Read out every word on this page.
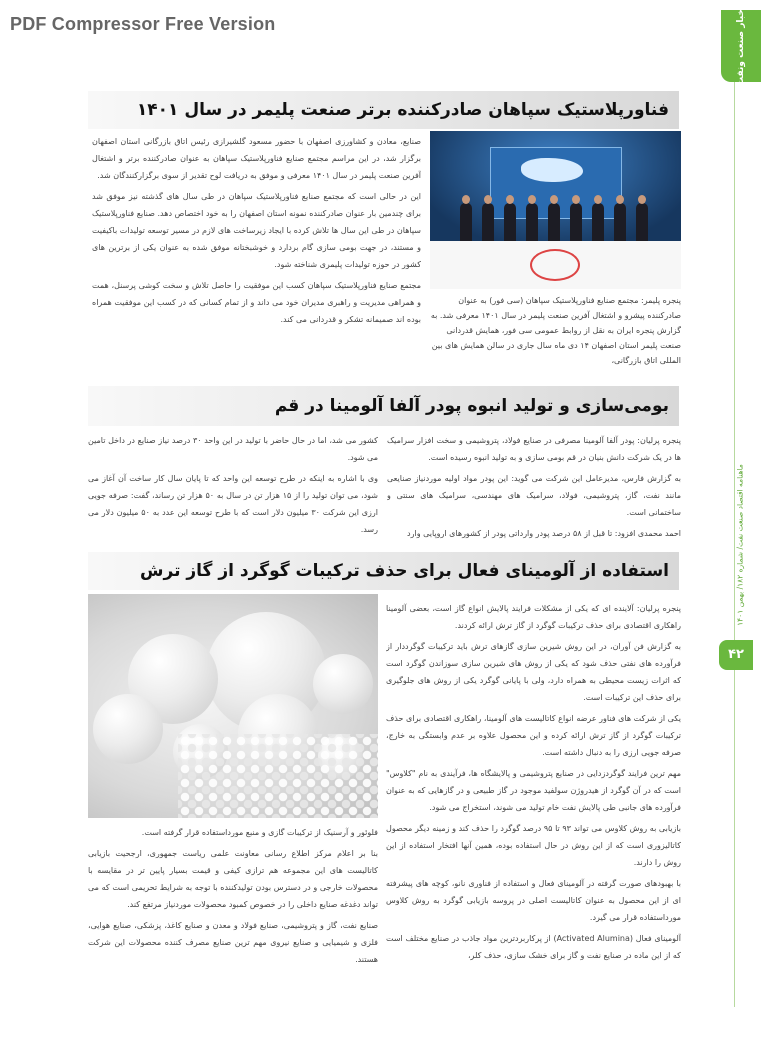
PDF Compressor Free Version	اخبار صنعت ونفت
ماهنامه اقتصاد صنعت نفت/ شماره ۱۸۲/ بهمن ۱۴۰۱
۴۲
فناورپلاستیک سپاهان صادرکننده برتر صنعت پلیمر در سال ۱۴۰۱

صنایع، معادن و کشاورزی اصفهان با حضور مسعود گلشیرازی رئیس اتاق بازرگانی استان اصفهان برگزار شد، در این مراسم مجتمع صنایع فناورپلاستیک سپاهان به عنوان صادرکننده برتر و اشتغال آفرین صنعت پلیمر در سال ۱۴۰۱ معرفی و موفق به دریافت لوح تقدیر از سوی برگزارکنندگان شد.

این در حالی است که مجتمع صنایع فناورپلاستیک سپاهان در طی سال های گذشته نیز موفق شد برای چندمین بار عنوان صادرکننده نمونه استان اصفهان را به خود اختصاص دهد. صنایع فناورپلاستیک سپاهان در طی این سال ها تلاش کرده با ایجاد زیرساخت های لازم در مسیر توسعه تولیدات باکیفیت و مستند، در جهت بومی سازی گام بردارد و خوشبختانه موفق شده به عنوان یکی از برترین های کشور در حوزه تولیدات پلیمری شناخته شود.

مجتمع صنایع فناورپلاستیک سپاهان کسب این موفقیت را حاصل تلاش و سخت کوشی پرسنل، همت و همراهی مدیریت و راهبری مدیران خود می داند و از تمام کسانی که در کسب این موفقیت همراه بوده اند صمیمانه تشکر و قدردانی می کند.

پنجره پلیمر: مجتمع صنایع فناورپلاستیک سپاهان (سی فور) به عنوان صادرکننده پیشرو و اشتغال آفرین صنعت پلیمر در سال ۱۴۰۱ معرفی شد. به گزارش پنجره ایران به نقل از روابط عمومی سی فور، همایش قدردانی صنعت پلیمر استان اصفهان ۱۴ دی ماه سال جاری در سالن همایش های بین المللی اتاق بازرگانی،
بومی‌سازی و تولید انبوه پودر آلفا آلومینا در قم

پنجره پرلیان: پودر آلفا آلومینا مصرفی در صنایع فولاد، پتروشیمی و سخت افزار سرامیک ها در یک شرکت دانش بنیان در قم بومی سازی و به تولید انبوه رسیده است.

به گزارش فارس، مدیرعامل این شرکت می گوید: این پودر مواد اولیه موردنیاز صنایعی مانند نفت، گاز، پتروشیمی، فولاد، سرامیک های مهندسی، سرامیک های سنتی و ساختمانی است.

احمد محمدی افزود: تا قبل از ۵۸ درصد پودر وارداتی پودر از کشورهای اروپایی وارد

کشور می شد، اما در حال حاضر با تولید در این واحد ۳۰ درصد نیاز صنایع در داخل تامین می شود.

وی با اشاره به اینکه در طرح توسعه این واحد که تا پایان سال کار ساخت آن آغاز می شود، می توان تولید را از ۱۵ هزار تن در سال به ۵۰ هزار تن رساند، گفت: صرفه جویی ارزی این شرکت ۳۰ میلیون دلار است که با طرح توسعه این عدد به ۵۰ میلیون دلار می رسد.

استفاده از آلومینای فعال برای حذف ترکیبات گوگرد از گاز ترش

پنجره پرلیان: آلاینده ای که یکی از مشکلات فرایند پالایش انواع گاز است، بعضی آلومینا راهکاری اقتصادی برای حذف ترکیبات گوگرد از گاز ترش ارائه کردند.

به گزارش فن آوران، در این روش شیرین سازی گازهای ترش باید ترکیبات گوگرددار از فرآورده های نفتی حذف شود که یکی از روش های شیرین سازی سوزاندن گوگرد است که اثرات زیست محیطی به همراه دارد، ولی با پایانی گوگرد یکی از روش های جلوگیری برای حذف این ترکیبات است.

یکی از شرکت های فناور عرضه انواع کاتالیست های آلومینا، راهکاری اقتصادی برای حذف ترکیبات گوگرد از گاز ترش ارائه کرده و این محصول علاوه بر عدم وابستگی به خارج، صرفه جویی ارزی را به دنبال داشته است.

مهم ترین فرایند گوگردزدایی در صنایع پتروشیمی و پالایشگاه ها، فرآیندی به نام "کلاوس" است که در آن گوگرد از هیدروژن سولفید موجود در گاز طبیعی و در گازهایی که به عنوان فرآورده های جانبی طی پالایش نفت خام تولید می شوند، استخراج می شود.

بازیابی به روش کلاوس می تواند ۹۳ تا ۹۵ درصد گوگرد را حذف کند و زمینه دیگر محصول کاتالیزوری است که از این روش در حال استفاده بوده، همین آنها افتخار استفاده از این روش را دارند.

با بهبودهای صورت گرفته در آلومینای فعال و استفاده از فناوری نانو، کوچه های پیشرفته ای از این محصول به عنوان کاتالیست اصلی در پروسه بازیابی گوگرد به روش کلاوس مورداستفاده قرار می گیرد.

آلومینای فعال (Activated Alumina) از پرکاربردترین مواد جاذب در صنایع مختلف است که از این ماده در صنایع نفت و گاز برای خشک سازی، حذف کلر،

فلوئور و آرسنیک از ترکیبات گازی و منبع مورداستفاده قرار گرفته است.

بنا بر اعلام مرکز اطلاع رسانی معاونت علمی ریاست جمهوری، ارجحیت بازیابی کاتالیست های این مجموعه هم ترازی کیفی و قیمت بسیار پایین تر در مقایسه با محصولات خارجی و در دسترس بودن تولیدکننده با توجه به شرایط تحریمی است که می تواند دغدغه صنایع داخلی را در خصوص کمبود محصولات موردنیاز مرتفع کند.

صنایع نفت، گاز و پتروشیمی، صنایع فولاد و معدن و صنایع کاغذ، پزشکی، صنایع هوایی، فلزی و شیمیایی و صنایع نیروی مهم ترین صنایع مصرف کننده محصولات این شرکت هستند.
